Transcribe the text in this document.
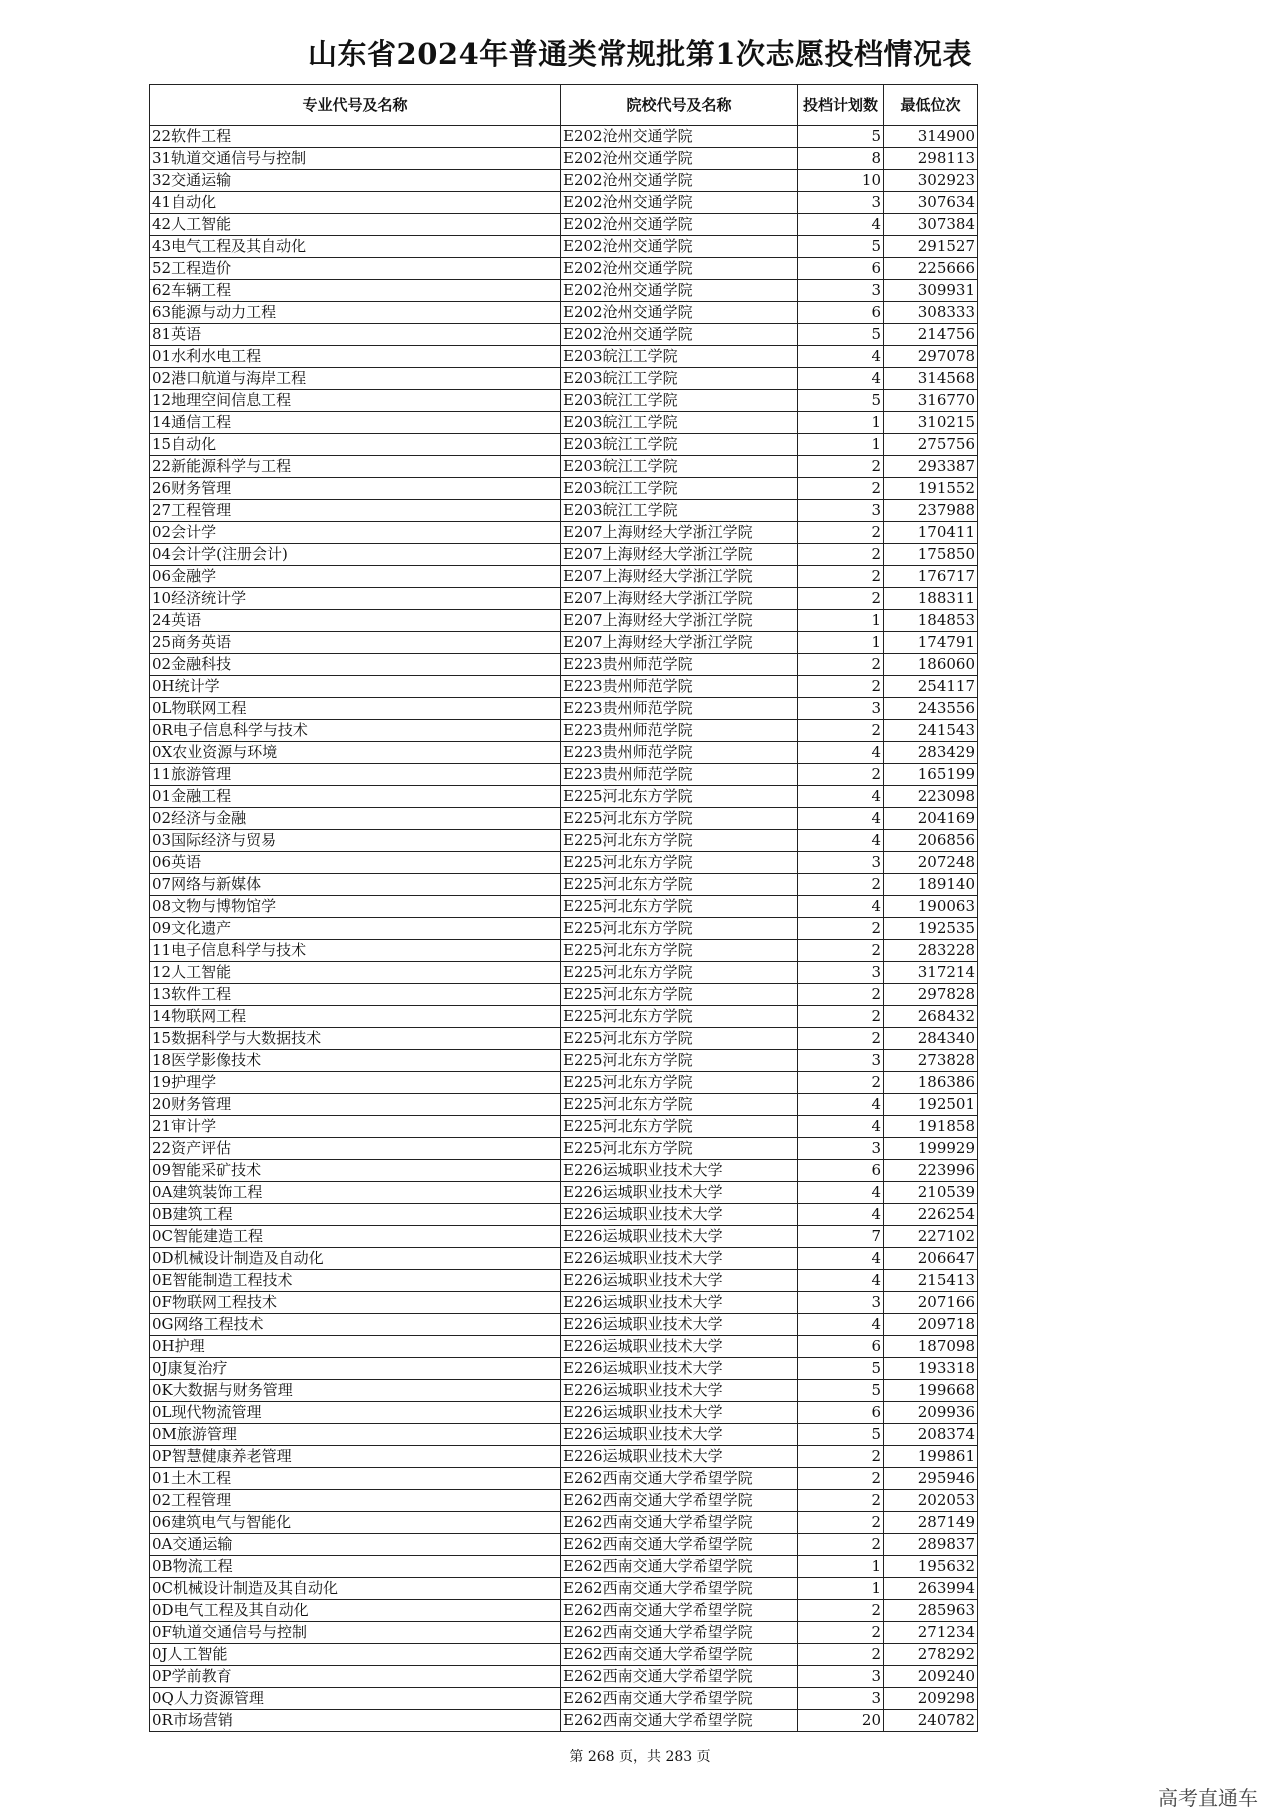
山东省2024年普通类常规批第1次志愿投档情况表
专业代号及名称	院校代号及名称	投档计划数	最低位次
22软件工程	E202沧州交通学院	5	314900
31轨道交通信号与控制	E202沧州交通学院	8	298113
32交通运输	E202沧州交通学院	10	302923
41自动化	E202沧州交通学院	3	307634
42人工智能	E202沧州交通学院	4	307384
43电气工程及其自动化	E202沧州交通学院	5	291527
52工程造价	E202沧州交通学院	6	225666
62车辆工程	E202沧州交通学院	3	309931
63能源与动力工程	E202沧州交通学院	6	308333
81英语	E202沧州交通学院	5	214756
01水利水电工程	E203皖江工学院	4	297078
02港口航道与海岸工程	E203皖江工学院	4	314568
12地理空间信息工程	E203皖江工学院	5	316770
14通信工程	E203皖江工学院	1	310215
15自动化	E203皖江工学院	1	275756
22新能源科学与工程	E203皖江工学院	2	293387
26财务管理	E203皖江工学院	2	191552
27工程管理	E203皖江工学院	3	237988
02会计学	E207上海财经大学浙江学院	2	170411
04会计学(注册会计)	E207上海财经大学浙江学院	2	175850
06金融学	E207上海财经大学浙江学院	2	176717
10经济统计学	E207上海财经大学浙江学院	2	188311
24英语	E207上海财经大学浙江学院	1	184853
25商务英语	E207上海财经大学浙江学院	1	174791
02金融科技	E223贵州师范学院	2	186060
0H统计学	E223贵州师范学院	2	254117
0L物联网工程	E223贵州师范学院	3	243556
0R电子信息科学与技术	E223贵州师范学院	2	241543
0X农业资源与环境	E223贵州师范学院	4	283429
11旅游管理	E223贵州师范学院	2	165199
01金融工程	E225河北东方学院	4	223098
02经济与金融	E225河北东方学院	4	204169
03国际经济与贸易	E225河北东方学院	4	206856
06英语	E225河北东方学院	3	207248
07网络与新媒体	E225河北东方学院	2	189140
08文物与博物馆学	E225河北东方学院	4	190063
09文化遗产	E225河北东方学院	2	192535
11电子信息科学与技术	E225河北东方学院	2	283228
12人工智能	E225河北东方学院	3	317214
13软件工程	E225河北东方学院	2	297828
14物联网工程	E225河北东方学院	2	268432
15数据科学与大数据技术	E225河北东方学院	2	284340
18医学影像技术	E225河北东方学院	3	273828
19护理学	E225河北东方学院	2	186386
20财务管理	E225河北东方学院	4	192501
21审计学	E225河北东方学院	4	191858
22资产评估	E225河北东方学院	3	199929
09智能采矿技术	E226运城职业技术大学	6	223996
0A建筑装饰工程	E226运城职业技术大学	4	210539
0B建筑工程	E226运城职业技术大学	4	226254
0C智能建造工程	E226运城职业技术大学	7	227102
0D机械设计制造及自动化	E226运城职业技术大学	4	206647
0E智能制造工程技术	E226运城职业技术大学	4	215413
0F物联网工程技术	E226运城职业技术大学	3	207166
0G网络工程技术	E226运城职业技术大学	4	209718
0H护理	E226运城职业技术大学	6	187098
0J康复治疗	E226运城职业技术大学	5	193318
0K大数据与财务管理	E226运城职业技术大学	5	199668
0L现代物流管理	E226运城职业技术大学	6	209936
0M旅游管理	E226运城职业技术大学	5	208374
0P智慧健康养老管理	E226运城职业技术大学	2	199861
01土木工程	E262西南交通大学希望学院	2	295946
02工程管理	E262西南交通大学希望学院	2	202053
06建筑电气与智能化	E262西南交通大学希望学院	2	287149
0A交通运输	E262西南交通大学希望学院	2	289837
0B物流工程	E262西南交通大学希望学院	1	195632
0C机械设计制造及其自动化	E262西南交通大学希望学院	1	263994
0D电气工程及其自动化	E262西南交通大学希望学院	2	285963
0F轨道交通信号与控制	E262西南交通大学希望学院	2	271234
0J人工智能	E262西南交通大学希望学院	2	278292
0P学前教育	E262西南交通大学希望学院	3	209240
0Q人力资源管理	E262西南交通大学希望学院	3	209298
0R市场营销	E262西南交通大学希望学院	20	240782
第 268 页，共 283 页
高考直通车
